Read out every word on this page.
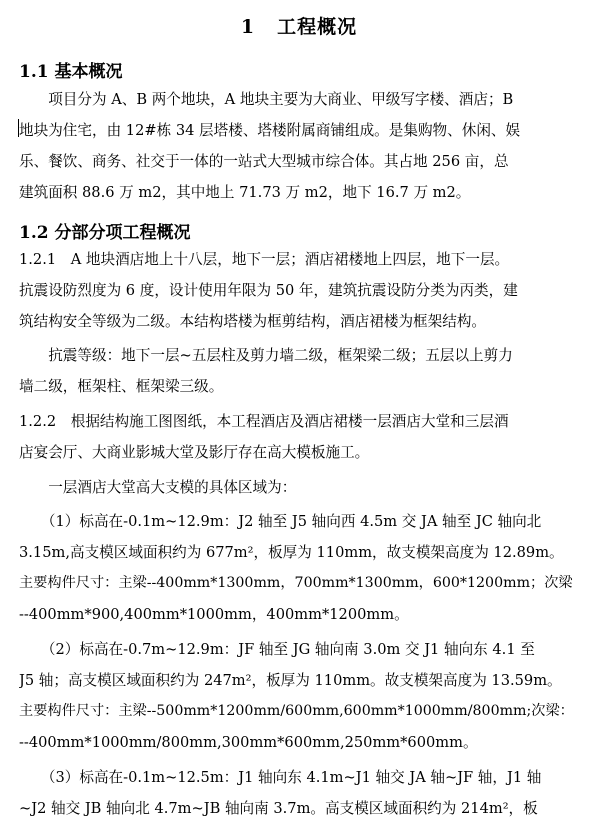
1 工程概况
1.1 基本概况
　　项目分为 A、B 两个地块，A 地块主要为大商业、甲级写字楼、酒店；B
地块为住宅，由 12#栋 34 层塔楼、塔楼附属商铺组成。是集购物、休闲、娱
乐、餐饮、商务、社交于一体的一站式大型城市综合体。其占地 256 亩，总
建筑面积 88.6 万 m2，其中地上 71.73 万 m2，地下 16.7 万 m2。
1.2 分部分项工程概况
1.2.1　A 地块酒店地上十八层，地下一层；酒店裙楼地上四层，地下一层。
抗震设防烈度为 6 度，设计使用年限为 50 年，建筑抗震设防分类为丙类，建
筑结构安全等级为二级。本结构塔楼为框剪结构，酒店裙楼为框架结构。
　　抗震等级：地下一层~五层柱及剪力墙二级，框架梁二级；五层以上剪力
墙二级，框架柱、框架梁三级。
1.2.2　根据结构施工图图纸，本工程酒店及酒店裙楼一层酒店大堂和三层酒
店宴会厅、大商业影城大堂及影厅存在高大模板施工。
　　一层酒店大堂高大支模的具体区域为：
　　（1）标高在-0.1m~12.9m：J2 轴至 J5 轴向西 4.5m 交 JA 轴至 JC 轴向北
3.15m,高支模区域面积约为 677m²，板厚为 110mm，故支模架高度为 12.89m。
主要构件尺寸：主梁--400mm*1300mm，700mm*1300mm，600*1200mm；次梁
--400mm*900,400mm*1000mm，400mm*1200mm。
　　（2）标高在-0.7m~12.9m：JF 轴至 JG 轴向南 3.0m 交 J1 轴向东 4.1 至
J5 轴；高支模区域面积约为 247m²，板厚为 110mm。故支模架高度为 13.59m。
主要构件尺寸：主梁--500mm*1200mm/600mm,600mm*1000mm/800mm;次梁：
--400mm*1000mm/800mm,300mm*600mm,250mm*600mm。
　　（3）标高在-0.1m~12.5m：J1 轴向东 4.1m~J1 轴交 JA 轴~JF 轴，J1 轴
~J2 轴交 JB 轴向北 4.7m~JB 轴向南 3.7m。高支模区域面积约为 214m²，板
